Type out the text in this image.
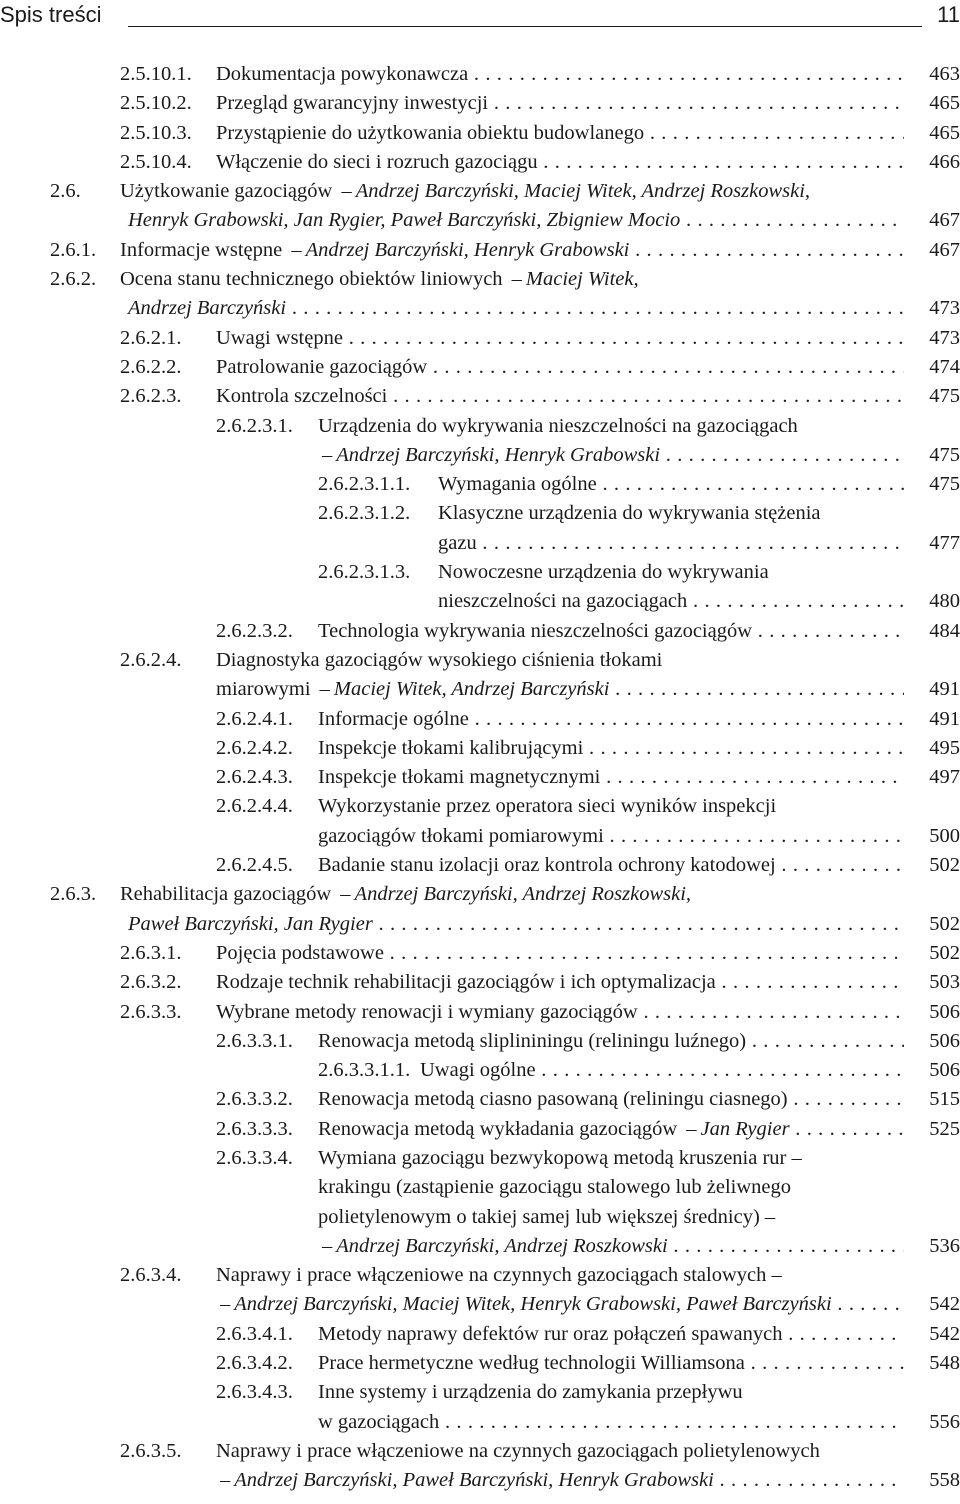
Spis treści	11
2.5.10.1. Dokumentacja powykonawcza . . .	463
2.5.10.2. Przegląd gwarancyjny inwestycji . . .	465
2.5.10.3. Przystąpienie do użytkowania obiektu budowlanego . . .	465
2.5.10.4. Włączenie do sieci i rozruch gazociągu . . .	466
2.6. Użytkowanie gazociągów – Andrzej Barczyński, Maciej Witek, Andrzej Roszkowski,
Henryk Grabowski, Jan Rygier, Paweł Barczyński, Zbigniew Mocio . . .	467
2.6.1. Informacje wstępne – Andrzej Barczyński, Henryk Grabowski . . .	467
2.6.2. Ocena stanu technicznego obiektów liniowych – Maciej Witek,
Andrzej Barczyński . . .	473
2.6.2.1. Uwagi wstępne . . .	473
2.6.2.2. Patrolowanie gazociągów . . .	474
2.6.2.3. Kontrola szczelności . . .	475
2.6.2.3.1. Urządzenia do wykrywania nieszczelności na gazociągach
– Andrzej Barczyński, Henryk Grabowski . . .	475
2.6.2.3.1.1. Wymagania ogólne . . .	475
2.6.2.3.1.2. Klasyczne urządzenia do wykrywania stężenia
gazu . . .	477
2.6.2.3.1.3. Nowoczesne urządzenia do wykrywania
nieszczelności na gazociągach . . .	480
2.6.2.3.2. Technologia wykrywania nieszczelności gazociągów . . .	484
2.6.2.4. Diagnostyka gazociągów wysokiego ciśnienia tłokami
miarowymi – Maciej Witek, Andrzej Barczyński . . .	491
2.6.2.4.1. Informacje ogólne . . .	491
2.6.2.4.2. Inspekcje tłokami kalibrującymi . . .	495
2.6.2.4.3. Inspekcje tłokami magnetycznymi . . .	497
2.6.2.4.4. Wykorzystanie przez operatora sieci wyników inspekcji
gazociągów tłokami pomiarowymi . . .	500
2.6.2.4.5. Badanie stanu izolacji oraz kontrola ochrony katodowej . . .	502
2.6.3. Rehabilitacja gazociągów – Andrzej Barczyński, Andrzej Roszkowski,
Paweł Barczyński, Jan Rygier . . .	502
2.6.3.1. Pojęcia podstawowe . . .	502
2.6.3.2. Rodzaje technik rehabilitacji gazociągów i ich optymalizacja . . .	503
2.6.3.3. Wybrane metody renowacji i wymiany gazociągów . . .	506
2.6.3.3.1. Renowacja metodą sliplininingu (reliningu luźnego) . . .	506
2.6.3.3.1.1. Uwagi ogólne . . .	506
2.6.3.3.2. Renowacja metodą ciasno pasowaną (reliningu ciasnego) . . .	515
2.6.3.3.3. Renowacja metodą wykładania gazociągów – Jan Rygier . . .	525
2.6.3.3.4. Wymiana gazociągu bezwykopową metodą kruszenia rur –
krakingu (zastąpienie gazociągu stalowego lub żeliwnego
polietylenowym o takiej samej lub większej średnicy) –
– Andrzej Barczyński, Andrzej Roszkowski . . .	536
2.6.3.4. Naprawy i prace włączeniowe na czynnych gazociągach stalowych –
– Andrzej Barczyński, Maciej Witek, Henryk Grabowski, Paweł Barczyński . . .	542
2.6.3.4.1. Metody naprawy defektów rur oraz połączeń spawanych . . .	542
2.6.3.4.2. Prace hermetyczne według technologii Williamsona . . .	548
2.6.3.4.3. Inne systemy i urządzenia do zamykania przepływu
w gazociągach . . .	556
2.6.3.5. Naprawy i prace włączeniowe na czynnych gazociągach polietylenowych
– Andrzej Barczyński, Paweł Barczyński, Henryk Grabowski . . .	558
